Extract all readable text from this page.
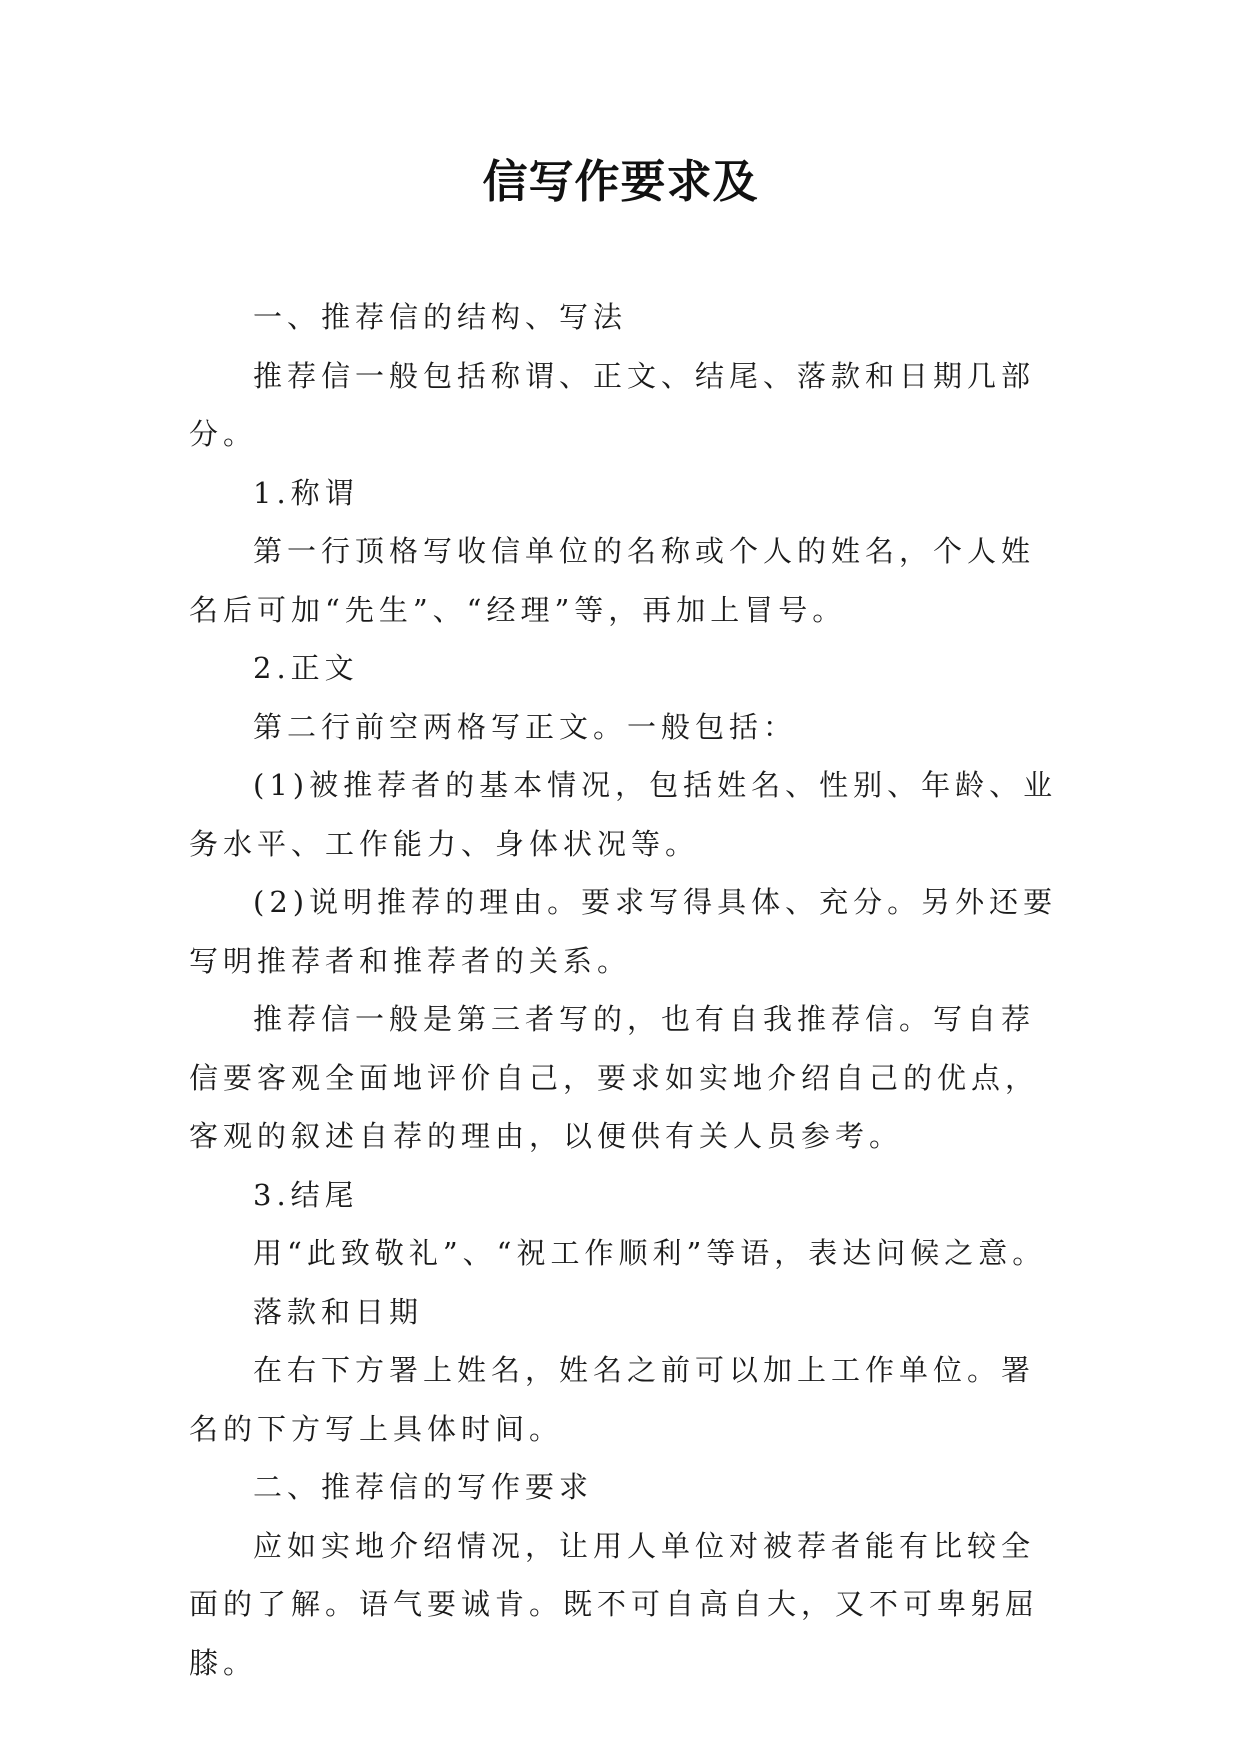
信写作要求及

一、推荐信的结构、写法

推荐信一般包括称谓、正文、结尾、落款和日期几部分。

1.称谓

第一行顶格写收信单位的名称或个人的姓名，个人姓名后可加“先生”、“经理”等，再加上冒号。

2.正文

第二行前空两格写正文。一般包括：

(1)被推荐者的基本情况，包括姓名、性别、年龄、业务水平、工作能力、身体状况等。

(2)说明推荐的理由。要求写得具体、充分。另外还要写明推荐者和推荐者的关系。

推荐信一般是第三者写的，也有自我推荐信。写自荐信要客观全面地评价自己，要求如实地介绍自己的优点，客观的叙述自荐的理由，以便供有关人员参考。

3.结尾

用“此致敬礼”、“祝工作顺利”等语，表达问候之意。

落款和日期

在右下方署上姓名，姓名之前可以加上工作单位。署名的下方写上具体时间。

二、推荐信的写作要求

应如实地介绍情况，让用人单位对被荐者能有比较全面的了解。语气要诚肯。既不可自高自大，又不可卑躬屈膝。
